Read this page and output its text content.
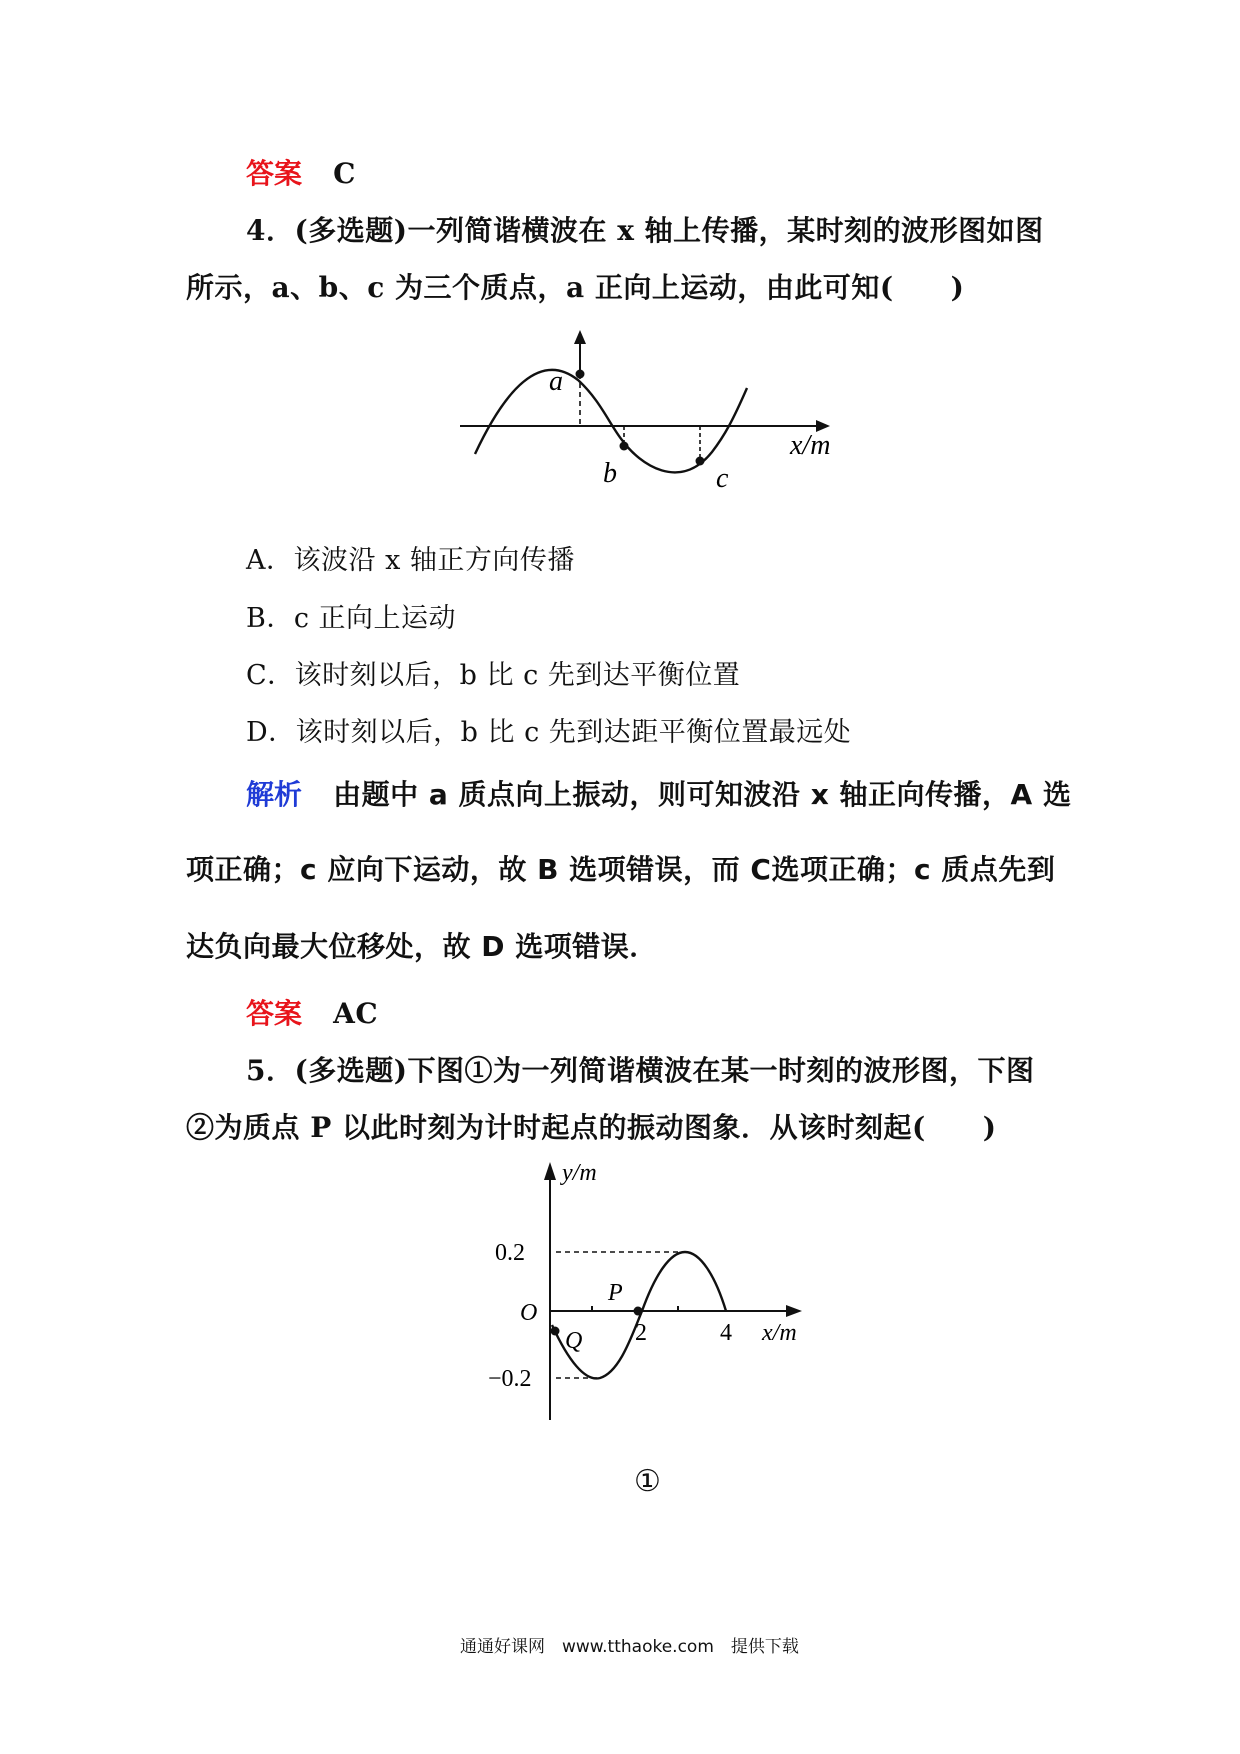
答案 C
4．(多选题)一列简谐横波在 x 轴上传播，某时刻的波形图如图
所示，a、b、c 为三个质点，a 正向上运动，由此可知(　　)
a
b	c
x/m
A．该波沿 x 轴正方向传播
B．c 正向上运动
C．该时刻以后，b 比 c 先到达平衡位置
D．该时刻以后，b 比 c 先到达距平衡位置最远处
解析 由题中 a 质点向上振动，则可知波沿 x 轴正向传播，A 选
项正确；c 应向下运动，故 B 选项错误，而 C选项正确；c 质点先到
达负向最大位移处，故 D 选项错误．
答案 AC
5．(多选题)下图①为一列简谐横波在某一时刻的波形图，下图
②为质点 P 以此时刻为计时起点的振动图象．从该时刻起(　　)
y/m
0.2
−0.2
O
Q
P
2	4 x/m
①
通通好课网　www.tthaoke.com　提供下载
